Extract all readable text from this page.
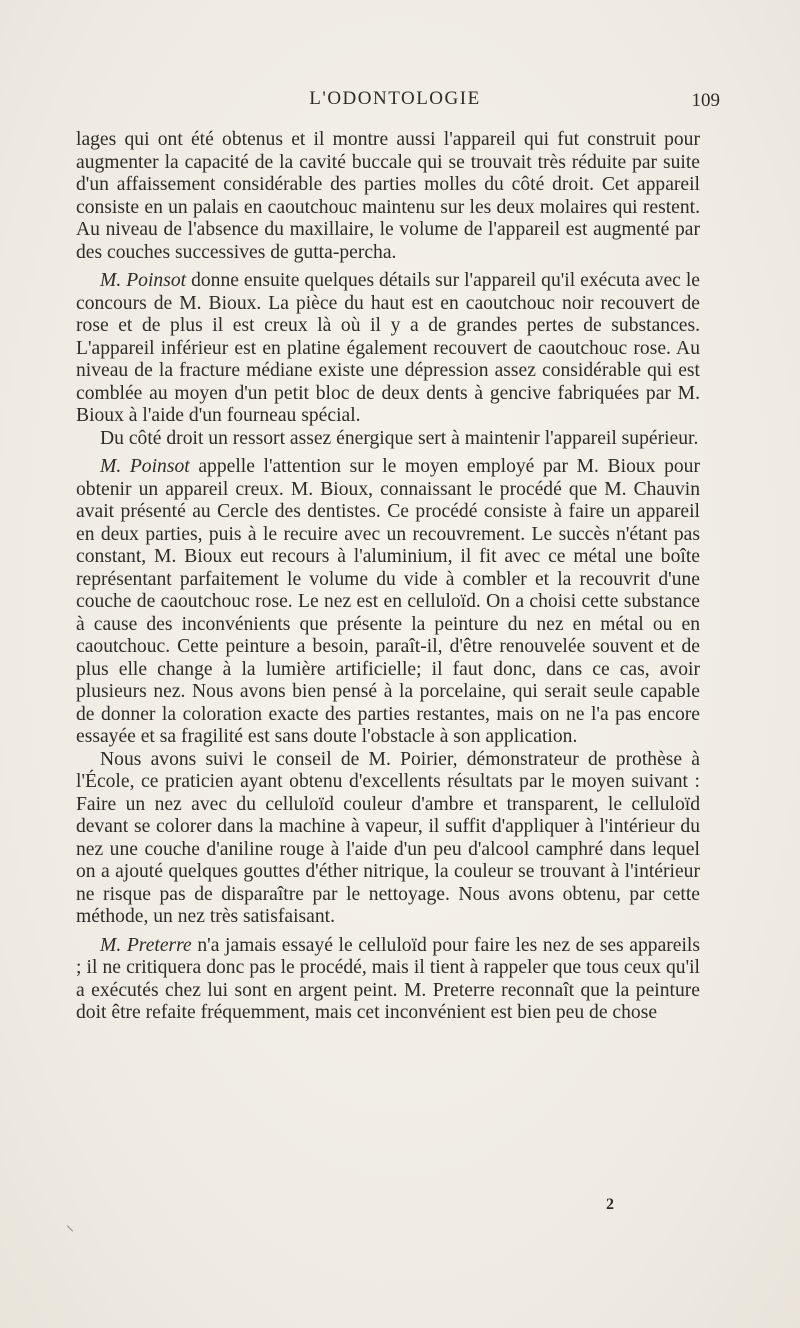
L'ODONTOLOGIE	109

lages qui ont été obtenus et il montre aussi l'appareil qui fut construit pour augmenter la capacité de la cavité buccale qui se trouvait très réduite par suite d'un affaissement considérable des parties molles du côté droit. Cet appareil consiste en un palais en caoutchouc maintenu sur les deux molaires qui restent. Au niveau de l'absence du maxillaire, le volume de l'appareil est augmenté par des couches successives de gutta-percha.

M. Poinsot donne ensuite quelques détails sur l'appareil qu'il exécuta avec le concours de M. Bioux. La pièce du haut est en caoutchouc noir recouvert de rose et de plus il est creux là où il y a de grandes pertes de substances. L'appareil inférieur est en platine également recouvert de caoutchouc rose. Au niveau de la fracture médiane existe une dépression assez considérable qui est comblée au moyen d'un petit bloc de deux dents à gencive fabriquées par M. Bioux à l'aide d'un fourneau spécial.

Du côté droit un ressort assez énergique sert à maintenir l'appareil supérieur.

M. Poinsot appelle l'attention sur le moyen employé par M. Bioux pour obtenir un appareil creux. M. Bioux, connaissant le procédé que M. Chauvin avait présenté au Cercle des dentistes. Ce procédé consiste à faire un appareil en deux parties, puis à le recuire avec un recouvrement. Le succès n'étant pas constant, M. Bioux eut recours à l'aluminium, il fit avec ce métal une boîte représentant parfaitement le volume du vide à combler et la recouvrit d'une couche de caoutchouc rose. Le nez est en celluloïd. On a choisi cette substance à cause des inconvénients que présente la peinture du nez en métal ou en caoutchouc. Cette peinture a besoin, paraît-il, d'être renouvelée souvent et de plus elle change à la lumière artificielle; il faut donc, dans ce cas, avoir plusieurs nez. Nous avons bien pensé à la porcelaine, qui serait seule capable de donner la coloration exacte des parties restantes, mais on ne l'a pas encore essayée et sa fragilité est sans doute l'obstacle à son application.

Nous avons suivi le conseil de M. Poirier, démonstrateur de prothèse à l'École, ce praticien ayant obtenu d'excellents résultats par le moyen suivant : Faire un nez avec du celluloïd couleur d'ambre et transparent, le celluloïd devant se colorer dans la machine à vapeur, il suffit d'appliquer à l'intérieur du nez une couche d'aniline rouge à l'aide d'un peu d'alcool camphré dans lequel on a ajouté quelques gouttes d'éther nitrique, la couleur se trouvant à l'intérieur ne risque pas de disparaître par le nettoyage. Nous avons obtenu, par cette méthode, un nez très satisfaisant.

M. Preterre n'a jamais essayé le celluloïd pour faire les nez de ses appareils ; il ne critiquera donc pas le procédé, mais il tient à rappeler que tous ceux qu'il a exécutés chez lui sont en argent peint. M. Preterre reconnaît que la peinture doit être refaite fréquemment, mais cet inconvénient est bien peu de chose

2
